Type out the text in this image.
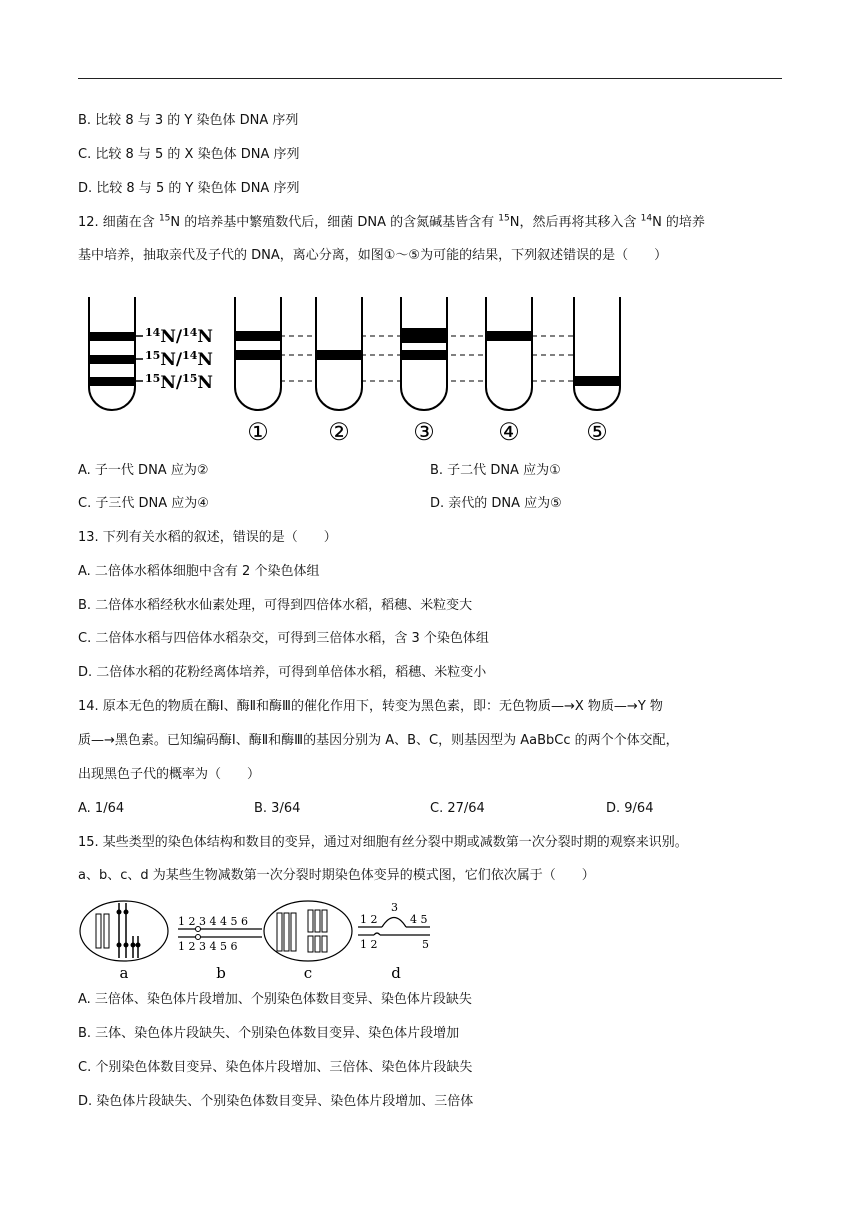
B. 比较 8 与 3 的 Y 染色体 DNA 序列
C. 比较 8 与 5 的 X 染色体 DNA 序列
D. 比较 8 与 5 的 Y 染色体 DNA 序列
12. 细菌在含 $^{15}$N 的培养基中繁殖数代后，细菌 DNA 的含氮碱基皆含有 $^{15}$N，然后再将其移入含 $^{14}$N 的培养
基中培养，抽取亲代及子代的 DNA，离心分离，如图①～⑤为可能的结果，下列叙述错误的是（　　）
$^{14}$N/$^{14}$N
$^{15}$N/$^{14}$N
$^{15}$N/$^{15}$N
① ②	③	④	⑤
A. 子一代 DNA 应为②	B. 子二代 DNA 应为①
C. 子三代 DNA 应为④	D. 亲代的 DNA 应为⑤
13. 下列有关水稻的叙述，错误的是（　　）
A. 二倍体水稻体细胞中含有 2 个染色体组
B. 二倍体水稻经秋水仙素处理，可得到四倍体水稻，稻穗、米粒变大
C. 二倍体水稻与四倍体水稻杂交，可得到三倍体水稻，含 3 个染色体组
D. 二倍体水稻的花粉经离体培养，可得到单倍体水稻，稻穗、米粒变小
14. 原本无色的物质在酶Ⅰ、酶Ⅱ和酶Ⅲ的催化作用下，转变为黑色素，即：无色物质—→X 物质—→Y 物
质—→黑色素。已知编码酶Ⅰ、酶Ⅱ和酶Ⅲ的基因分别为 A、B、C，则基因型为 AaBbCc 的两个个体交配，
出现黑色子代的概率为（　　）
A. 1/64	B. 3/64	C. 27/64	D. 9/64
15. 某些类型的染色体结构和数目的变异，通过对细胞有丝分裂中期或减数第一次分裂时期的观察来识别。
a、b、c、d 为某些生物减数第一次分裂时期染色体变异的模式图，它们依次属于（　　）
a
1 2 3 4 4 5 6
1 2 3 4 5 6
b	c
1 2
3
4 5
1 2	5
d
A. 三倍体、染色体片段增加、个别染色体数目变异、染色体片段缺失
B. 三体、染色体片段缺失、个别染色体数目变异、染色体片段增加
C. 个别染色体数目变异、染色体片段增加、三倍体、染色体片段缺失
D. 染色体片段缺失、个别染色体数目变异、染色体片段增加、三倍体
